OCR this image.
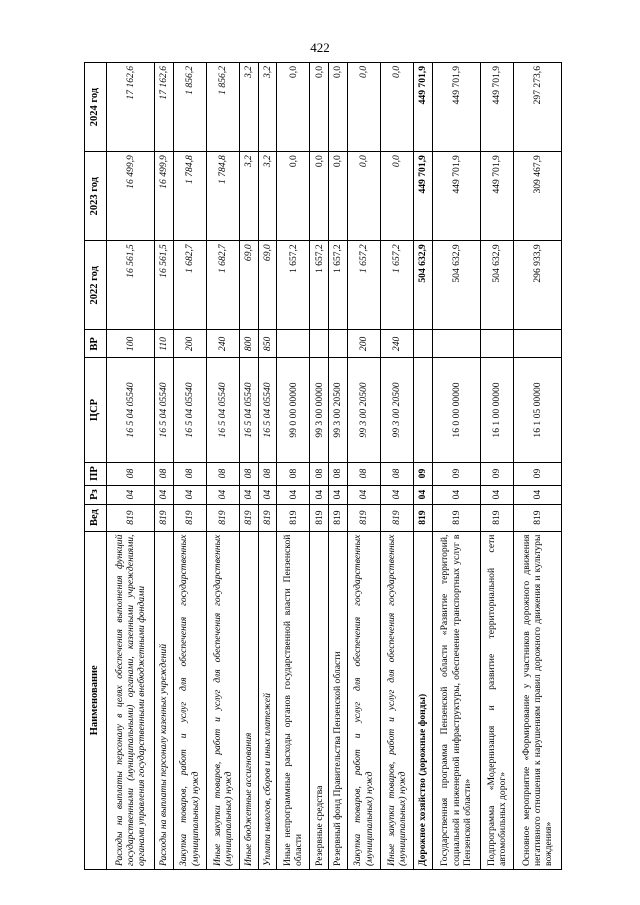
422
Наименование	Вед	Рз	ПР	ЦСР	ВР	2022 год	2023 год	2024 год
Расходы на выплаты персоналу в целях обеспечения выполнения функций государственными (муниципальными) органами, казенными учреждениями, органами управления государственными внебюджетными фондами	819	04	08	16 5 04 05540	100	16 561,5	16 499,9	17 162,6
Расходы на выплаты персоналу казенных учреждений	819	04	08	16 5 04 05540	110	16 561,5	16 499,9	17 162,6
Закупка товаров, работ и услуг для обеспечения государственных (муниципальных) нужд	819	04	08	16 5 04 05540	200	1 682,7	1 784,8	1 856,2
Иные закупки товаров, работ и услуг для обеспечения государственных (муниципальных) нужд	819	04	08	16 5 04 05540	240	1 682,7	1 784,8	1 856,2
Иные бюджетные ассигнования	819	04	08	16 5 04 05540	800	69,0	3,2	3,2
Уплата налогов, сборов и иных платежей	819	04	08	16 5 04 05540	850	69,0	3,2	3,2
Иные непрограммные расходы органов государственной власти Пензенской области	819	04	08	99 0 00 00000		1 657,2	0,0	0,0
Резервные средства	819	04	08	99 3 00 00000		1 657,2	0,0	0,0
Резервный фонд Правительства Пензенской области	819	04	08	99 3 00 20500		1 657,2	0,0	0,0
Закупка товаров, работ и услуг для обеспечения государственных (муниципальных) нужд	819	04	08	99 3 00 20500	200	1 657,2	0,0	0,0
Иные закупки товаров, работ и услуг для обеспечения государственных (муниципальных) нужд	819	04	08	99 3 00 20500	240	1 657,2	0,0	0,0
Дорожное хозяйство (дорожные фонды)	819	04	09			504 632,9	449 701,9	449 701,9
Государственная программа Пензенской области «Развитие территорий, социальной и инженерной инфраструктуры, обеспечение транспортных услуг в Пензенской области»	819	04	09	16 0 00 00000		504 632,9	449 701,9	449 701,9
Подпрограмма «Модернизация и развитие территориальной сети автомобильных дорог»	819	04	09	16 1 00 00000		504 632,9	449 701,9	449 701,9
Основное мероприятие «Формирование у участников дорожного движения негативного отношения к нарушениям правил дорожного движения и культуры вождения»	819	04	09	16 1 05 00000		296 933,9	309 467,9	297 273,6
